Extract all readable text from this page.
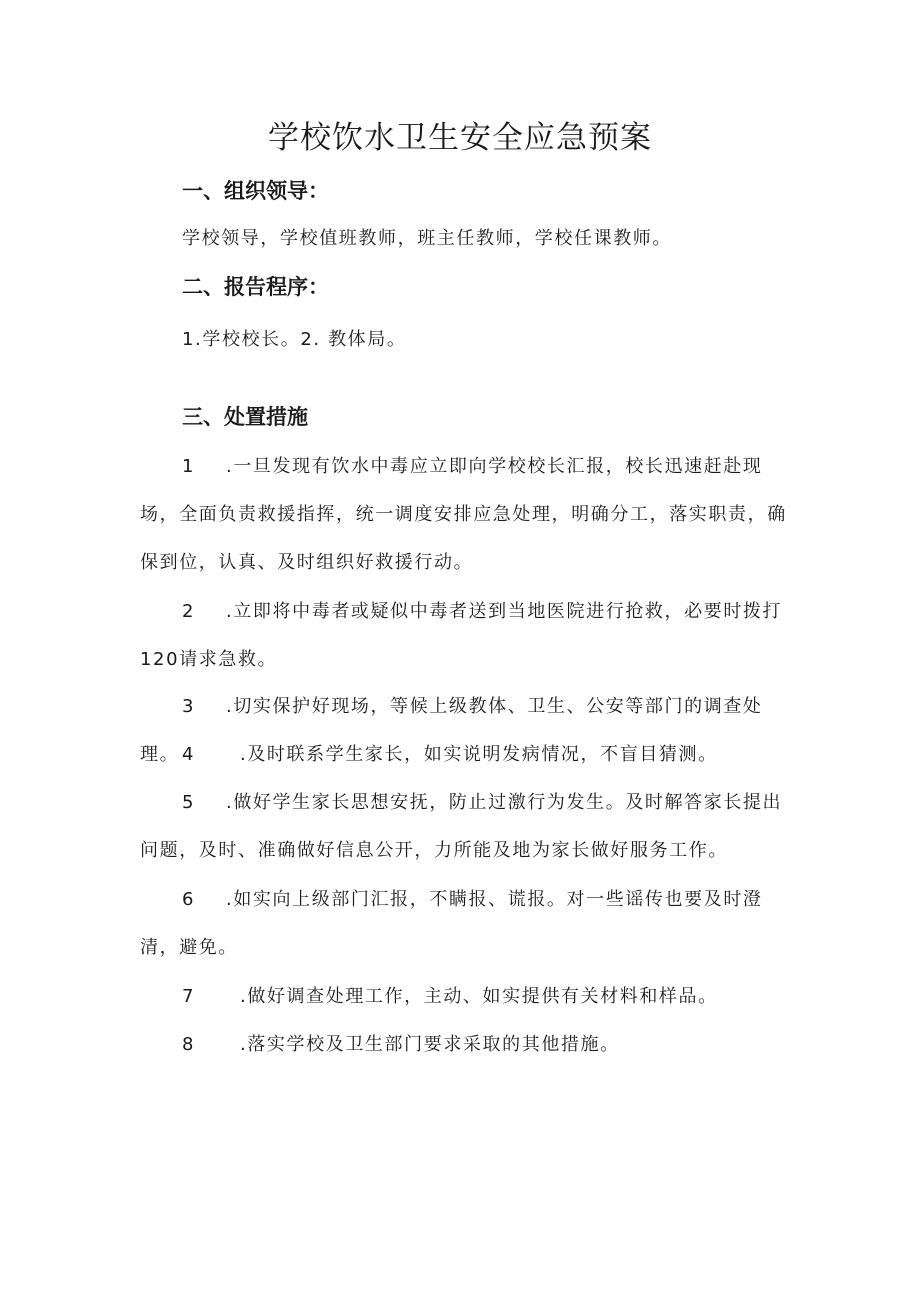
学校饮水卫生安全应急预案
一、组织领导：

学校领导，学校值班教师，班主任教师，学校任课教师。

二、报告程序：

1.学校校长。2. 教体局。

三、处置措施

1 .一旦发现有饮水中毒应立即向学校校长汇报，校长迅速赶赴现场，全面负责救援指挥，统一调度安排应急处理，明确分工，落实职责，确保到位，认真、及时组织好救援行动。

2 .立即将中毒者或疑似中毒者送到当地医院进行抢救，必要时拨打120请求急救。

3 .切实保护好现场，等候上级教体、卫生、公安等部门的调查处理。 4 .及时联系学生家长，如实说明发病情况，不盲目猜测。

5 .做好学生家长思想安抚，防止过激行为发生。及时解答家长提出问题，及时、准确做好信息公开，力所能及地为家长做好服务工作。

6 .如实向上级部门汇报，不瞒报、谎报。对一些谣传也要及时澄清，避免。

7 .做好调查处理工作，主动、如实提供有关材料和样品。

8 .落实学校及卫生部门要求采取的其他措施。
